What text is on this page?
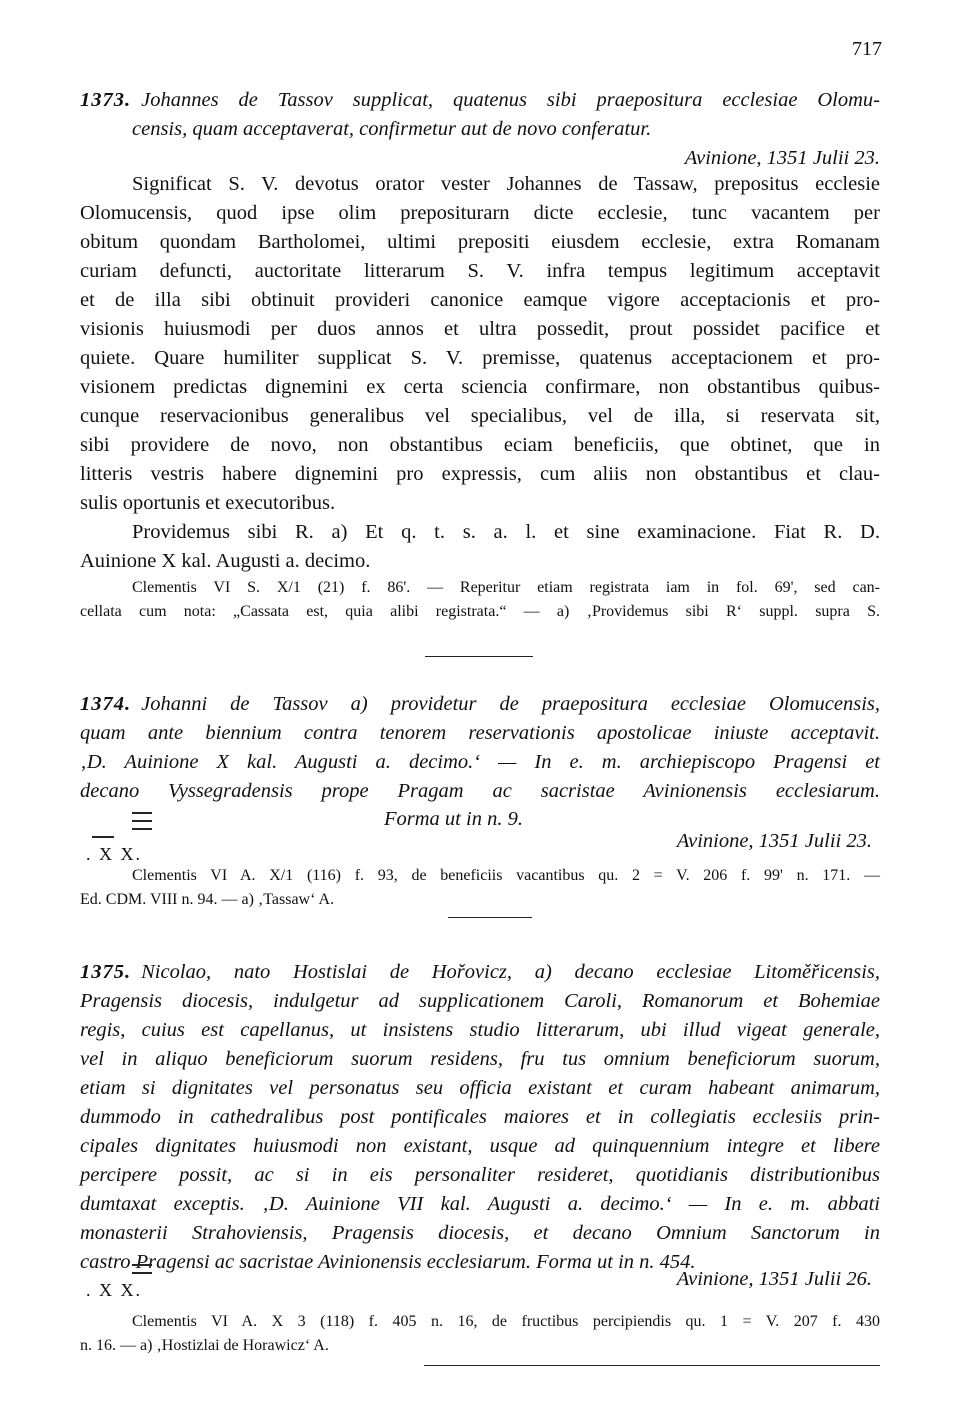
717
1373. Johannes de Tassov supplicat, quatenus sibi praepositura ecclesiae Olomu-
censis, quam acceptaverat, confirmetur aut de novo conferatur.
Avinione, 1351 Julii 23.
Significat S. V. devotus orator vester Johannes de Tassaw, prepositus ecclesie
Olomucensis, quod ipse olim prepositurarn dicte ecclesie, tunc vacantem per
obitum quondam Bartholomei, ultimi prepositi eiusdem ecclesie, extra Romanam
curiam defuncti, auctoritate litterarum S. V. infra tempus legitimum acceptavit
et de illa sibi obtinuit provideri canonice eamque vigore acceptacionis et pro-
visionis huiusmodi per duos annos et ultra possedit, prout possidet pacifice et
quiete. Quare humiliter supplicat S. V. premisse, quatenus acceptacionem et pro-
visionem predictas dignemini ex certa sciencia confirmare, non obstantibus quibus-
cunque reservacionibus generalibus vel specialibus, vel de illa, si reservata sit,
sibi providere de novo, non obstantibus eciam beneficiis, que obtinet, que in
litteris vestris habere dignemini pro expressis, cum aliis non obstantibus et clau-
sulis oportunis et executoribus.
Providemus sibi R. a) Et q. t. s. a. l. et sine examinacione. Fiat R. D.
Auinione X kal. Augusti a. decimo.
Clementis VI S. X/1 (21) f. 86'. — Reperitur etiam registrata iam in fol. 69', sed can-
cellata cum nota: „Cassata est, quia alibi registrata.“ — a) ‚Providemus sibi R‘ suppl. supra S.
1374. Johanni de Tassov a) providetur de praepositura ecclesiae Olomucensis,
quam ante biennium contra tenorem reservationis apostolicae iniuste acceptavit.
‚D. Auinione X kal. Augusti a. decimo.‘ — In e. m. archiepiscopo Pragensi et
decano Vyssegradensis prope Pragam ac sacristae Avinionensis ecclesiarum.
Forma ut in n. 9.
. X X.
Avinione, 1351 Julii 23.
Clementis VI A. X/1 (116) f. 93, de beneficiis vacantibus qu. 2 = V. 206 f. 99' n. 171. —
Ed. CDM. VIII n. 94. — a) ‚Tassaw‘ A.
1375. Nicolao, nato Hostislai de Hořovicz, a) decano ecclesiae Litoměřicensis,
Pragensis diocesis, indulgetur ad supplicationem Caroli, Romanorum et Bohemiae
regis, cuius est capellanus, ut insistens studio litterarum, ubi illud vigeat generale,
vel in aliquo beneficiorum suorum residens, fru tus omnium beneficiorum suorum,
etiam si dignitates vel personatus seu officia existant et curam habeant animarum,
dummodo in cathedralibus post pontificales maiores et in collegiatis ecclesiis prin-
cipales dignitates huiusmodi non existant, usque ad quinquennium integre et libere
percipere possit, ac si in eis personaliter resideret, quotidianis distributionibus
dumtaxat exceptis. ‚D. Auinione VII kal. Augusti a. decimo.‘ — In e. m. abbati
monasterii Strahoviensis, Pragensis diocesis, et decano Omnium Sanctorum in
castro Pragensi ac sacristae Avinionensis ecclesiarum. Forma ut in n. 454.
. X X.	Avinione, 1351 Julii 26.
Clementis VI A. X 3 (118) f. 405 n. 16, de fructibus percipiendis qu. 1 = V. 207 f. 430
n. 16. — a) ‚Hostizlai de Horawicz‘ A.
